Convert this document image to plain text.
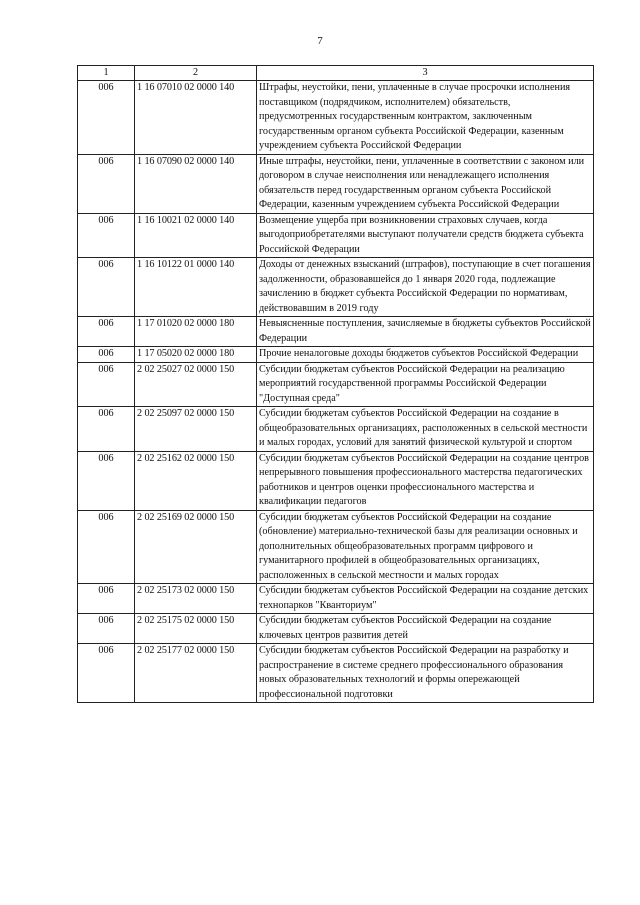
7
1	2	3
006	1 16 07010 02 0000 140	Штрафы, неустойки, пени, уплаченные в случае просрочки исполнения поставщиком (подрядчиком, исполнителем) обязательств, предусмотренных государственным контрактом, заключенным государственным органом субъекта Российской Федерации, казенным учреждением субъекта Российской Федерации
006	1 16 07090 02 0000 140	Иные штрафы, неустойки, пени, уплаченные в соответствии с законом или договором в случае неисполнения или ненадлежащего исполнения обязательств перед государственным органом субъекта Российской Федерации, казенным учреждением субъекта Российской Федерации
006	1 16 10021 02 0000 140	Возмещение ущерба при возникновении страховых случаев, когда выгодоприобретателями выступают получатели средств бюджета субъекта Российской Федерации
006	1 16 10122 01 0000 140	Доходы от денежных взысканий (штрафов), поступающие в счет погашения задолженности, образовавшейся до 1 января 2020 года, подлежащие зачислению в бюджет субъекта Российской Федерации по нормативам, действовавшим в 2019 году
006	1 17 01020 02 0000 180	Невыясненные поступления, зачисляемые в бюджеты субъектов Российской Федерации
006	1 17 05020 02 0000 180	Прочие неналоговые доходы бюджетов субъектов Российской Федерации
006	2 02 25027 02 0000 150	Субсидии бюджетам субъектов Российской Федерации на реализацию мероприятий государственной программы Российской Федерации "Доступная среда"
006	2 02 25097 02 0000 150	Субсидии бюджетам субъектов Российской Федерации на создание в общеобразовательных организациях, расположенных в сельской местности и малых городах, условий для занятий физической культурой и спортом
006	2 02 25162 02 0000 150	Субсидии бюджетам субъектов Российской Федерации на создание центров непрерывного повышения профессионального мастерства педагогических работников и центров оценки профессионального мастерства и квалификации педагогов
006	2 02 25169 02 0000 150	Субсидии бюджетам субъектов Российской Федерации на создание (обновление) материально-технической базы для реализации основных и дополнительных общеобразовательных программ цифрового и гуманитарного профилей в общеобразовательных организациях, расположенных в сельской местности и малых городах
006	2 02 25173 02 0000 150	Субсидии бюджетам субъектов Российской Федерации на создание детских технопарков "Кванториум"
006	2 02 25175 02 0000 150	Субсидии бюджетам субъектов Российской Федерации на создание ключевых центров развития детей
006	2 02 25177 02 0000 150	Субсидии бюджетам субъектов Российской Федерации на разработку и распространение в системе среднего профессионального образования новых образовательных технологий и формы опережающей профессиональной подготовки
